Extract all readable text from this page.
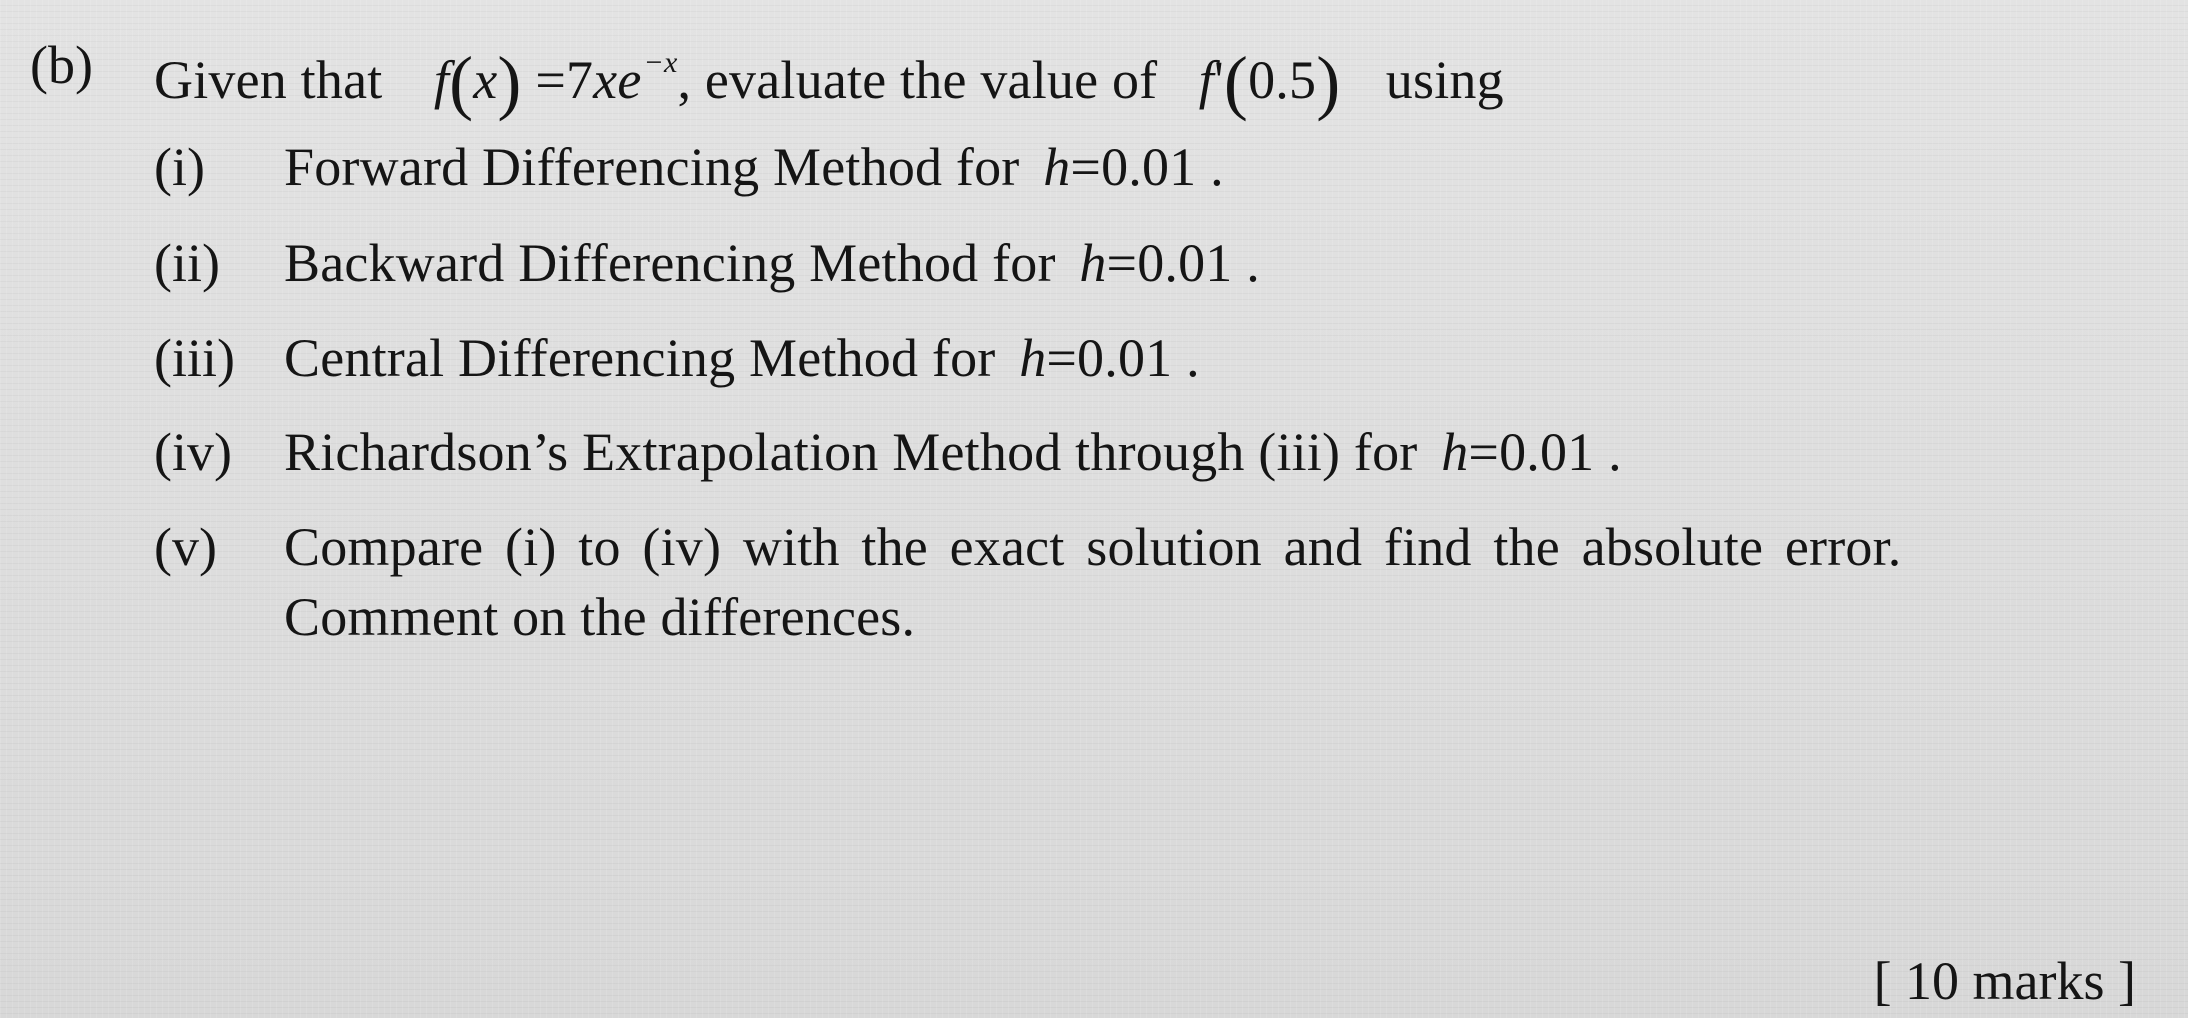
(b) Given that $f(x) =7xe^{-x}$, evaluate the value of f'(0.5) using
(i) Forward Differencing Method for h=0.01 .
(ii) Backward Differencing Method for h=0.01 .
(iii) Central Differencing Method for h=0.01 .
(iv) Richardson’s Extrapolation Method through (iii) for h=0.01 .
(v) Compare (i) to (iv) with the exact solution and find the absolute error.
Comment on the differences.
[ 10 marks ]
